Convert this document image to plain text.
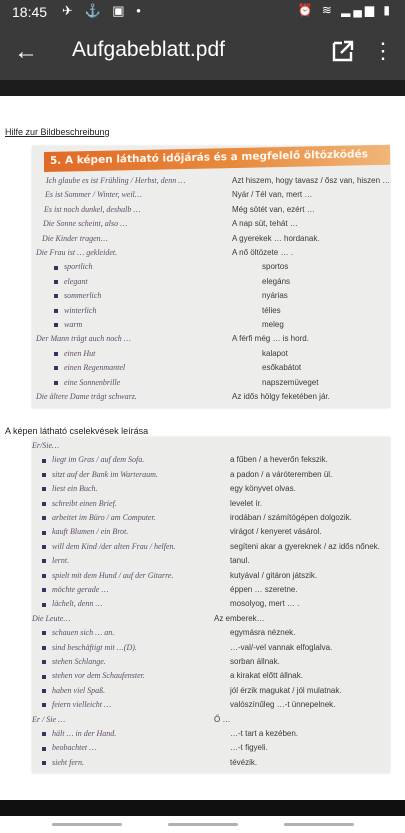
18:45 ✈ ⚓ ▣ •	⏰ ≋ ▂▄▆ ▮
← Aufgabeblatt.pdf	⋮
Hilfe zur Bildbeschreibung
5. A képen látható időjárás és a megfelelő öltözködés
Ich glaube es ist Frühling / Herbst, denn …	Azt hiszem, hogy tavasz / ősz van, hiszen …
Es ist Sommer / Winter, weil…	Nyár / Tél van, mert …
Es ist noch dunkel, deshalb …	Még sötét van, ezért …
Die Sonne scheint, also …	A nap süt, tehát …
Die Kinder tragen…	A gyerekek … hordanak.
Die Frau ist … gekleidet.	A nő öltözete … .
sportlich	sportos
elegant	elegáns
sommerlich	nyárias
winterlich	télies
warm	meleg
Der Mann trägt auch noch …	A férfi még … is hord.
einen Hut	kalapot
einen Regenmantel	esőkabátot
eine Sonnenbrille	napszemüveget
Die ältere Dame trägt schwarz.	Az idős hölgy feketében jár.
A képen látható cselekvések leírása
Er/Sie…
liegt im Gras / auf dem Sofa.	a fűben / a heverőn fekszik.
sitzt auf der Bank im Warteraum.	a padon / a váróteremben ül.
liest ein Buch.	egy könyvet olvas.
schreibt einen Brief.	levelet ír.
arbeitet im Büro / am Computer.	irodában / számítógépen dolgozik.
kauft Blumen / ein Brot.	virágot / kenyeret vásárol.
will dem Kind /der alten Frau / helfen.	segíteni akar a gyereknek / az idős nőnek.
lernt.	tanul.
spielt mit dem Hund / auf der Gitarre.	kutyával / gitáron játszik.
möchte gerade …	éppen … szeretne.
lächelt, denn …	mosolyog, mert … .
Die Leute…	Az emberek…
schauen sich … an.	egymásra néznek.
sind beschäftigt mit …(D).	…-val/-vel vannak elfoglalva.
stehen Schlange.	sorban állnak.
stehen vor dem Schaufenster.	a kirakat előtt állnak.
haben viel Spaß.	jól érzik magukat / jól mulatnak.
feiern vielleicht …	valószínűleg …-t ünnepelnek.
Er / Sie …	Ő …
hält … in der Hand.	…-t tart a kezében.
beobachtet …	…-t figyeli.
sieht fern.	tévézik.
